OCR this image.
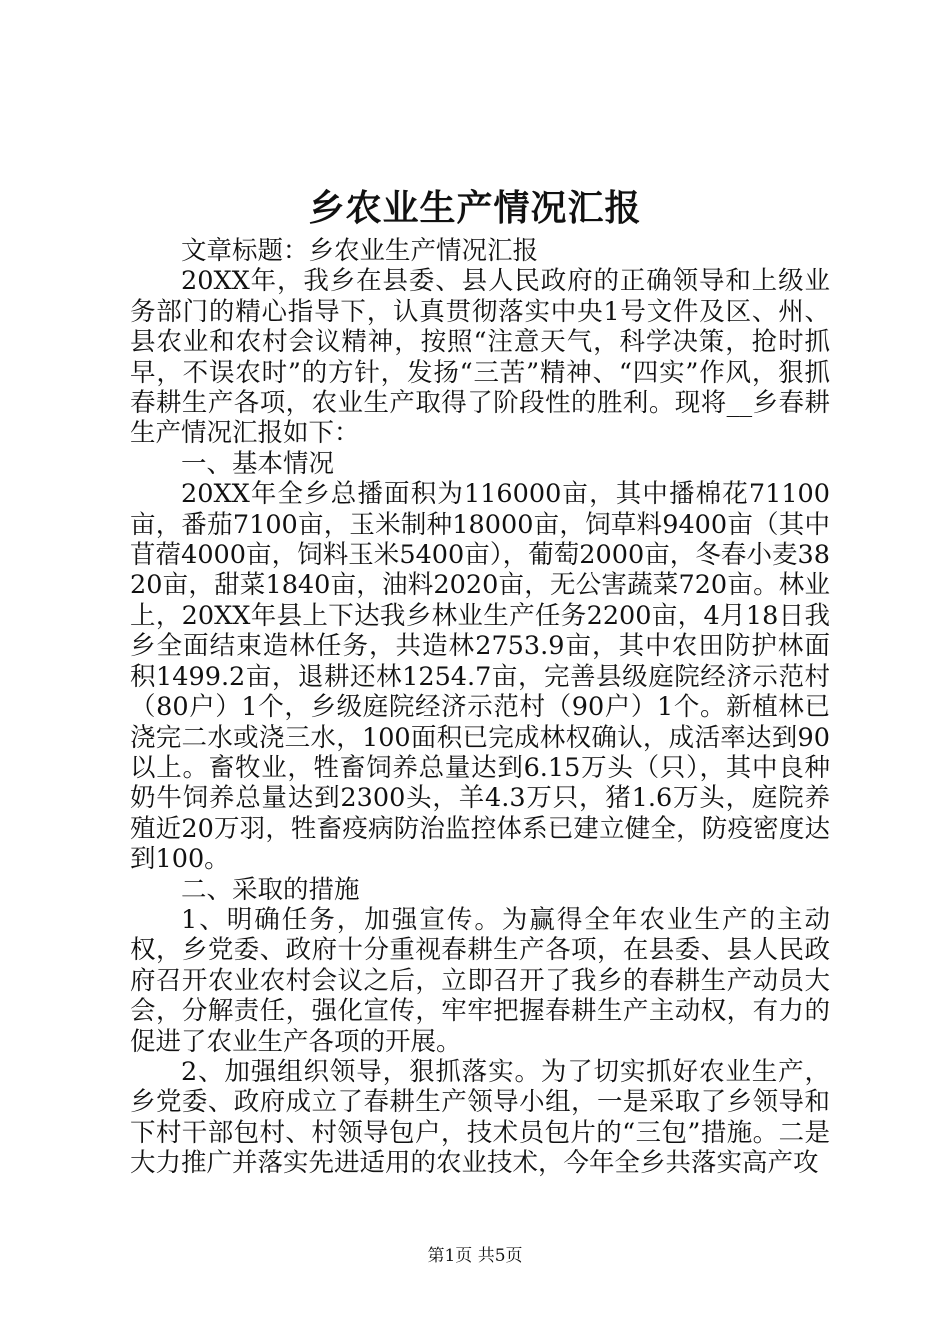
乡农业生产情况汇报

文章标题：乡农业生产情况汇报

20XX年，我乡在县委、县人民政府的正确领导和上级业务部门的精心指导下，认真贯彻落实中央1号文件及区、州、县农业和农村会议精神，按照“注意天气，科学决策，抢时抓早，不误农时”的方针，发扬“三苦”精神、“四实”作风，狠抓春耕生产各项，农业生产取得了阶段性的胜利。现将__乡春耕生产情况汇报如下：

一、基本情况

20XX年全乡总播面积为116000亩，其中播棉花71100亩，番茄7100亩，玉米制种18000亩，饲草料9400亩（其中苜蓿4000亩，饲料玉米5400亩），葡萄2000亩，冬春小麦3820亩，甜菜1840亩，油料2020亩，无公害蔬菜720亩。林业上，20XX年县上下达我乡林业生产任务2200亩，4月18日我乡全面结束造林任务，共造林2753.9亩，其中农田防护林面积1499.2亩，退耕还林1254.7亩，完善县级庭院经济示范村（80户）1个，乡级庭院经济示范村（90户）1个。新植林已浇完二水或浇三水，100面积已完成林权确认，成活率达到90以上。畜牧业，牲畜饲养总量达到6.15万头（只），其中良种奶牛饲养总量达到2300头，羊4.3万只，猪1.6万头，庭院养殖近20万羽，牲畜疫病防治监控体系已建立健全，防疫密度达到100。

二、采取的措施

1、明确任务，加强宣传。为赢得全年农业生产的主动权，乡党委、政府十分重视春耕生产各项，在县委、县人民政府召开农业农村会议之后，立即召开了我乡的春耕生产动员大会，分解责任，强化宣传，牢牢把握春耕生产主动权，有力的促进了农业生产各项的开展。

2、加强组织领导，狠抓落实。为了切实抓好农业生产，乡党委、政府成立了春耕生产领导小组，一是采取了乡领导和下村干部包村、村领导包户，技术员包片的“三包”措施。二是大力推广并落实先进适用的农业技术，今年全乡共落实高产攻

第1页 共5页
